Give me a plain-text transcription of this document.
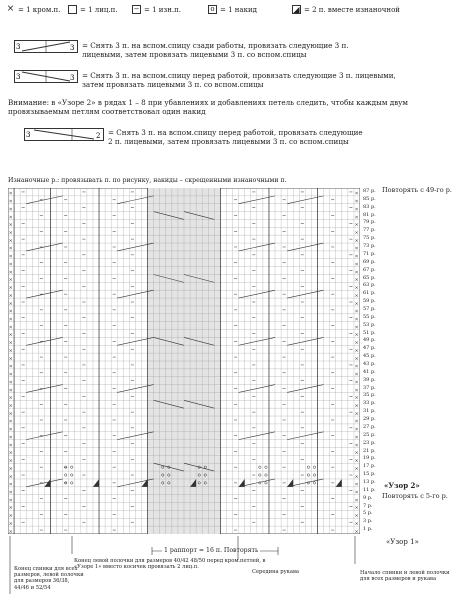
× = 1 кром.п.	= 1 лиц.п. − = 1 изн.п.	o = 1 накид	◢ = 2 п. вместе изнаночной
3	3 = Снять 3 п. на вспом.спицу сзади работы, провязать следующие 3 п. лицевыми, затем провязать лицевыми 3 п. со вспом.спицы
3	3 = Снять 3 п. на вспом.спицу перед работой, провязать следующие 3 п. лицевыми, затем провязать лицевыми 3 п. со вспом.спицы
Внимание: в «Узоре 2» в рядах 1 – 8 при убавлениях и добавлениях петель следить, чтобы каждым двум провязываемым петлям соответствовал один накид
3	2 = Снять 3 п. на вспом.спицу перед работой, провязать следующие 2 п. лицевыми, затем провязать лицевыми 3 п. со вспом.спицы
Изнаночные р.: провязывать п. по рисунку, накиды – скрещенными изнаночными п.
×	×
×	×
×	×
×	×
×	×
×	×
×	×
×	×
×	×
×	×
×	×
×	×
×	×
×	×
×	×
×	×
×	×
×	×
×	×
×	×
×	×
×	×
×	×
×	×
×	×
×	×
×	×
×	×
×	×
×	×
×	×
×	×
×	×
×	×
×	×
×	×
×	×
×	×
×	×
×	×
×	×
×	×
×	×
×	×
87 р.
85 р.
83 р.
81 р.
79 р.
77 р.
75 р.
73 р.
71 р.
69 р.
67 р.
65 р.
63 р.
61 р.
59 р.
57 р.
55 р.
53 р.
51 р.
49 р.
47 р.
45 р.
43 р.
41 р.
39 р.
37 р.
35 р.
33 р.
31 р.
29 р.
27 р.
25 р.
23 р.
21 р.
19 р.
17 р.
15 р.
13 р.
11 р.
9 р.
7 р.
5 р.
3 р.
1 р.
Повторять с 49-го р.
«Узор 2»
Повторять с 5-го р.
«Узор 1»
1 раппорт = 16 п. Повторять
Конец спинки для всех размеров, левой полочки для размеров 36/38, 44/46 и 52/54
Конец левой полочки для размеров 40/42 48/50 перед кром.петлей, в «Узоре 1» вместо косичек провязать 2 лиц.п.
Середина рукава	Начало спинки и левой полочки для всех размеров и рукава
